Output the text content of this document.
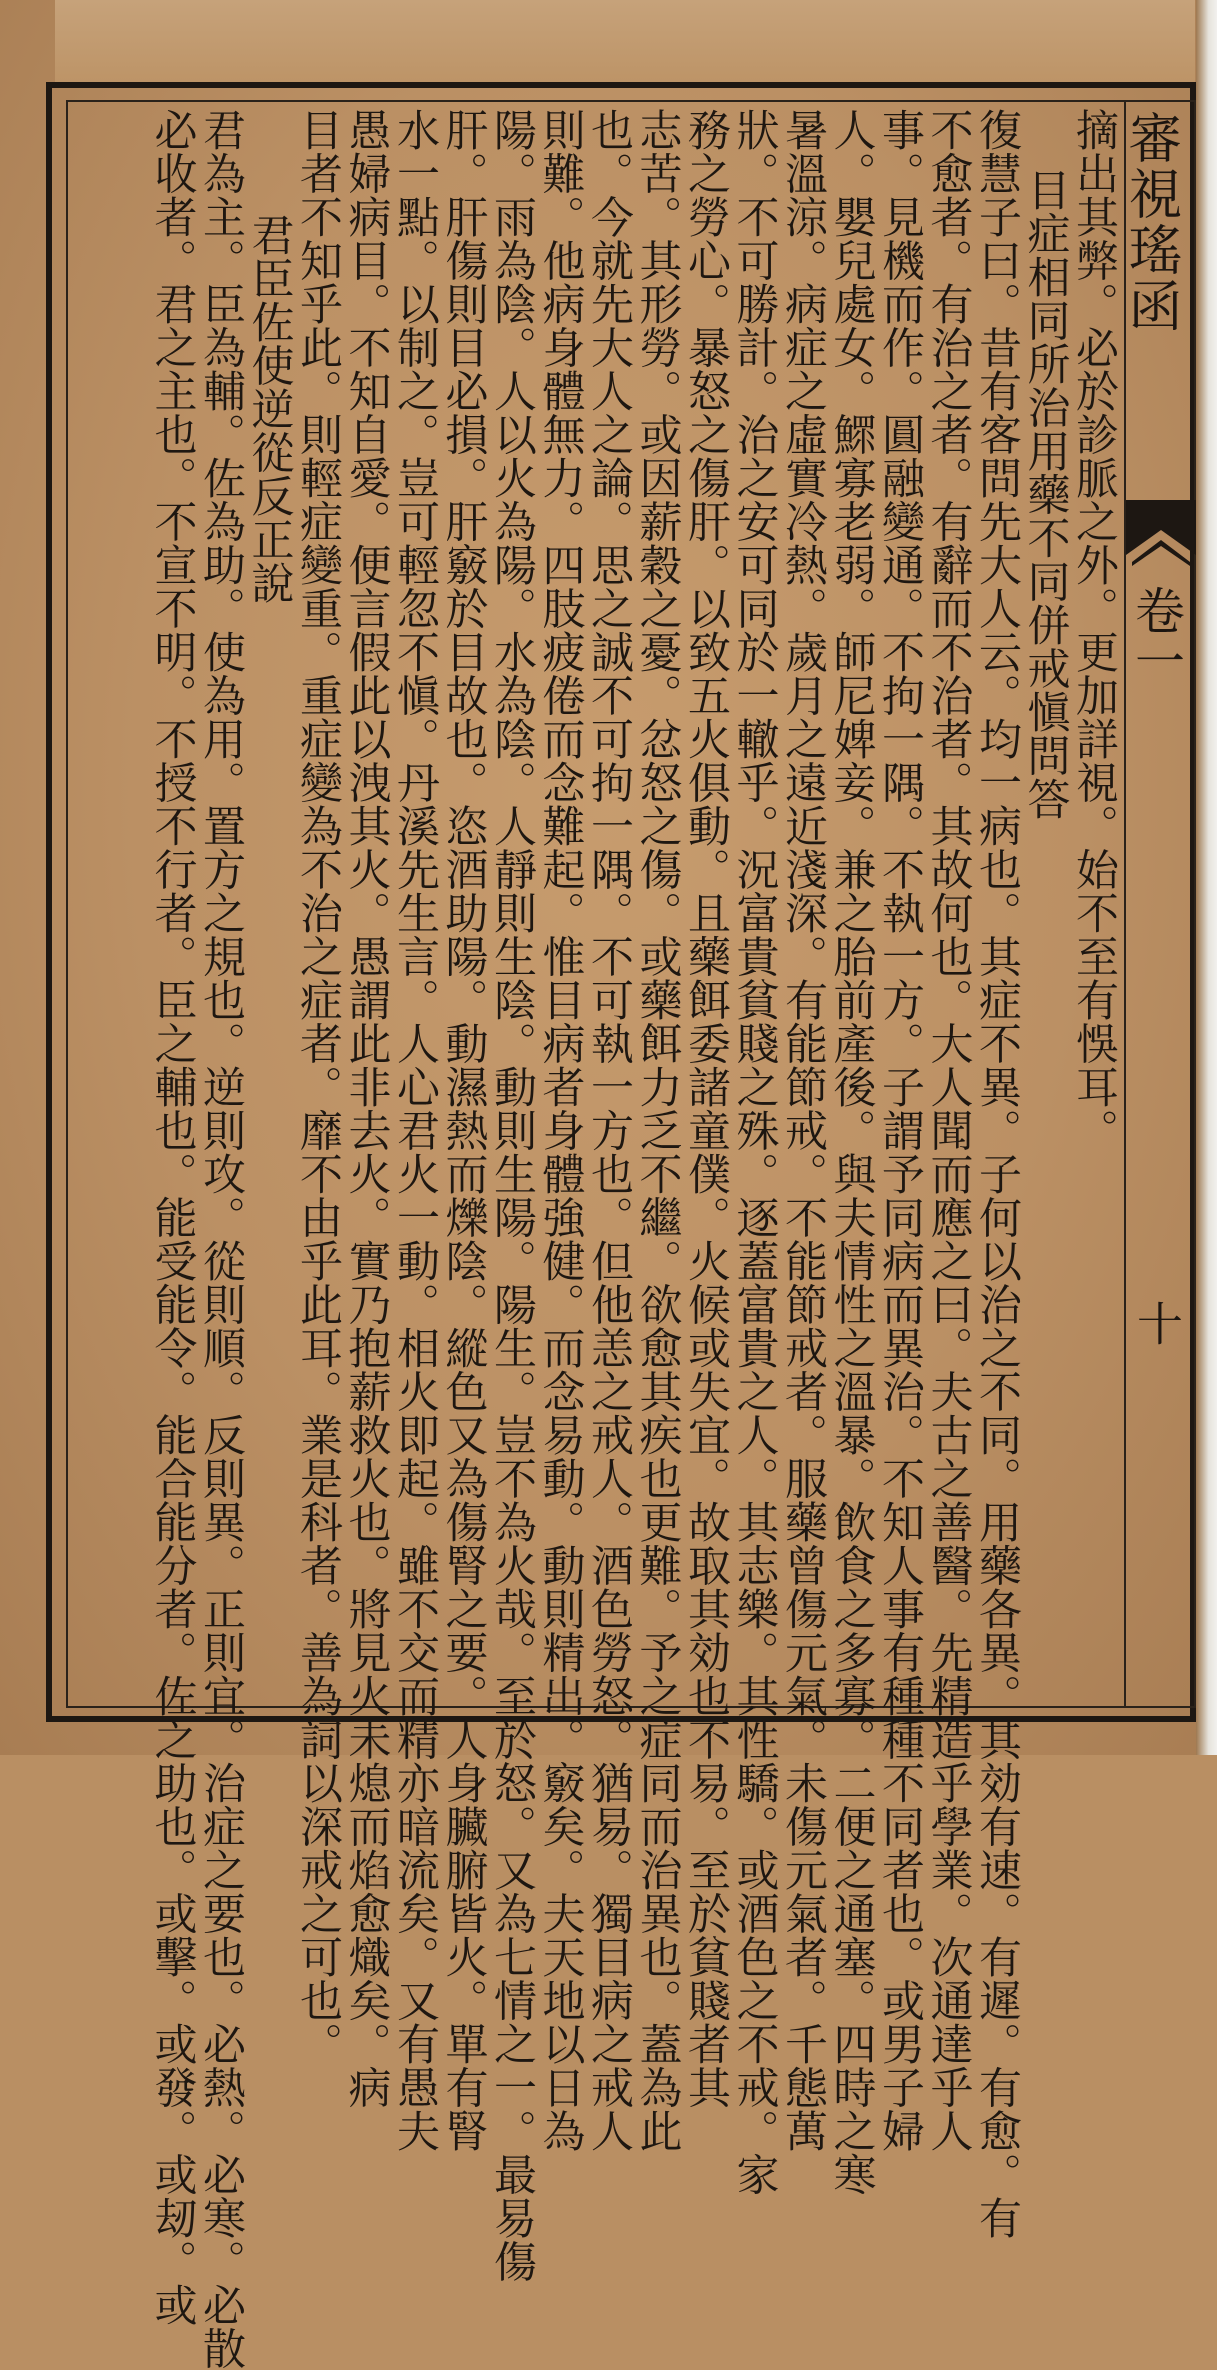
審視瑤函
卷一
十
摘出其弊。必於診脈之外。更加詳視。始不至有悞耳。
目症相同所治用藥不同併戒愼問答
復慧子曰。昔有客問先大人云。均一病也。其症不異。子何以治之不同。用藥各異。其効有速。有遲。有愈。有
不愈者。有治之者。有辭而不治者。其故何也。大人聞而應之曰。夫古之善醫。先精造乎學業。次通達乎人
事。見機而作。圓融變通。不拘一隅。不執一方。子謂予同病而異治。不知人事有種種不同者也。或男子婦
人。嬰兒處女。鰥寡老弱。師尼婢妾。兼之胎前產後。與夫情性之溫暴。飲食之多寡。二便之通塞。四時之寒
暑溫涼。病症之虛實冷熱。歲月之遠近淺深。有能節戒。不能節戒者。服藥曾傷元氣。未傷元氣者。千態萬
狀。不可勝計。治之安可同於一轍乎。況富貴貧賤之殊。逐蓋富貴之人。其志樂。其性驕。或酒色之不戒。家
務之勞心。暴怒之傷肝。以致五火俱動。且藥餌委諸童僕。火候或失宜。故取其効也不易。至於貧賤者其
志苦。其形勞。或因薪穀之憂。忿怒之傷。或藥餌力乏不繼。欲愈其疾也更難。予之症同而治異也。蓋為此
也。今就先大人之論。思之誠不可拘一隅。不可執一方也。但他恙之戒人。酒色勞怒。猶易。獨目病之戒人
則難。他病身體無力。四肢疲倦而念難起。惟目病者身體強健。而念易動。動則精出。竅矣。夫天地以日為
陽。雨為陰。人以火為陽。水為陰。人靜則生陰。動則生陽。陽生。豈不為火哉。至於怒。又為七情之一。最易傷
肝。肝傷則目必損。肝竅於目故也。恣酒助陽。動濕熱而爍陰。縱色又為傷腎之要。人身臟腑皆火。單有腎
水一點。以制之。豈可輕忽不愼。丹溪先生言。人心君火一動。相火即起。雖不交而精亦暗流矣。又有愚夫
愚婦病目。不知自愛。便言假此以洩其火。愚謂此非去火。實乃抱薪救火也。將見火未熄而焰愈熾矣。病
目者不知乎此。則輕症變重。重症變為不治之症者。靡不由乎此耳。業是科者。善為詞以深戒之可也。
君臣佐使逆從反正說
君為主。臣為輔。佐為助。使為用。置方之規也。逆則攻。從則順。反則異。正則宜。治症之要也。必熱。必寒。必散
必收者。君之主也。不宣不明。不授不行者。臣之輔也。能受能令。能合能分者。佐之助也。或擊。或發。或刼。或
